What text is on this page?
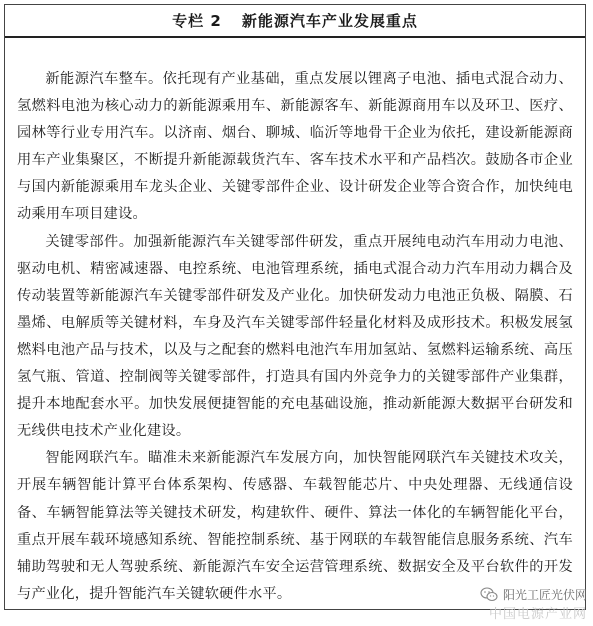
专栏 2 新能源汽车产业发展重点

新能源汽车整车。依托现有产业基础，重点发展以锂离子电池、插电式混合动力、氢燃料电池为核心动力的新能源乘用车、新能源客车、新能源商用车以及环卫、医疗、园林等行业专用汽车。以济南、烟台、聊城、临沂等地骨干企业为依托，建设新能源商用车产业集聚区，不断提升新能源载货汽车、客车技术水平和产品档次。鼓励各市企业与国内新能源乘用车龙头企业、关键零部件企业、设计研发企业等合资合作，加快纯电动乘用车项目建设。

关键零部件。加强新能源汽车关键零部件研发，重点开展纯电动汽车用动力电池、驱动电机、精密减速器、电控系统、电池管理系统，插电式混合动力汽车用动力耦合及传动装置等新能源汽车关键零部件研发及产业化。加快研发动力电池正负极、隔膜、石墨烯、电解质等关键材料，车身及汽车关键零部件轻量化材料及成形技术。积极发展氢燃料电池产品与技术，以及与之配套的燃料电池汽车用加氢站、氢燃料运输系统、高压氢气瓶、管道、控制阀等关键零部件，打造具有国内外竞争力的关键零部件产业集群，提升本地配套水平。加快发展便捷智能的充电基础设施，推动新能源大数据平台研发和无线供电技术产业化建设。

智能网联汽车。瞄准未来新能源汽车发展方向，加快智能网联汽车关键技术攻关，开展车辆智能计算平台体系架构、传感器、车载智能芯片、中央处理器、无线通信设备、车辆智能算法等关键技术研发，构建软件、硬件、算法一体化的车辆智能化平台，重点开展车载环境感知系统、智能控制系统、基于网联的车载智能信息服务系统、汽车辅助驾驶和无人驾驶系统、新能源汽车安全运营管理系统、数据安全及平台软件的开发与产业化，提升智能汽车关键软硬件水平。	阳光工匠光伏网
中国电源产业网
